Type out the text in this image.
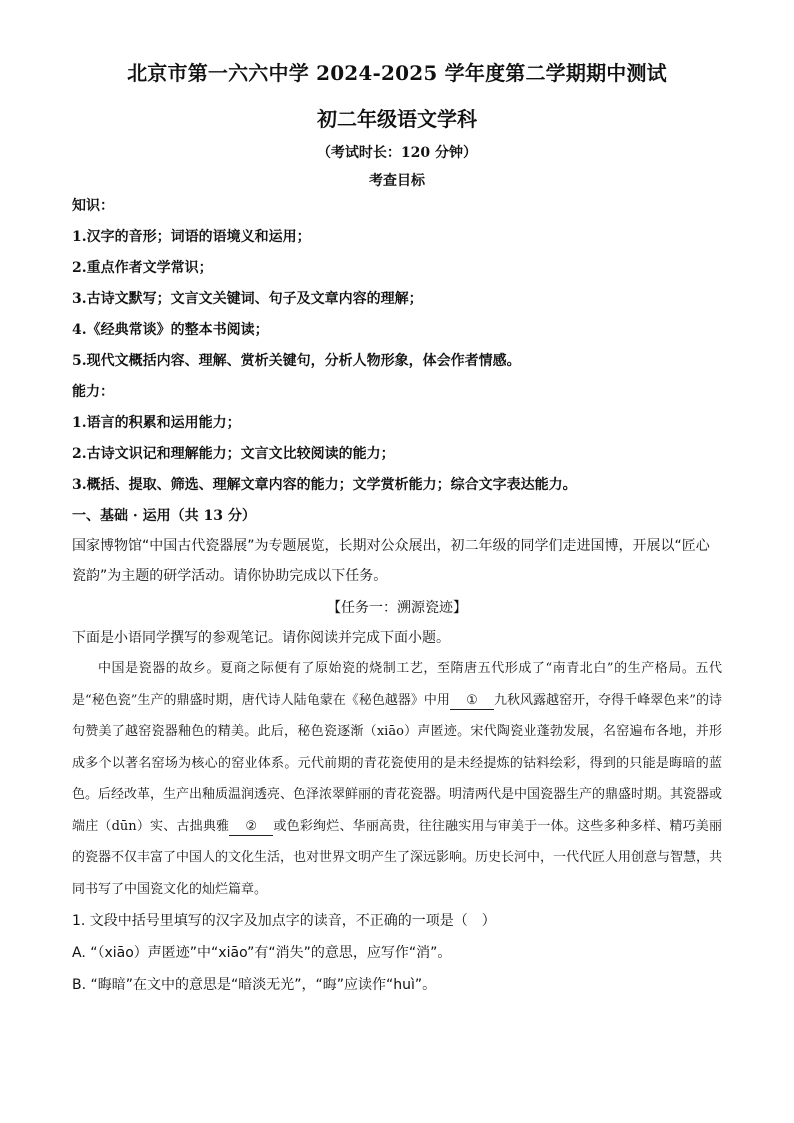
北京市第一六六中学 2024-2025 学年度第二学期期中测试
初二年级语文学科
（考试时长：120 分钟）
考查目标
知识：
1.汉字的音形；词语的语境义和运用；
2.重点作者文学常识；
3.古诗文默写；文言文关键词、句子及文章内容的理解；
4.《经典常谈》的整本书阅读；
5.现代文概括内容、理解、赏析关键句，分析人物形象，体会作者情感。
能力：
1.语言的积累和运用能力；
2.古诗文识记和理解能力；文言文比较阅读的能力；
3.概括、提取、筛选、理解文章内容的能力；文学赏析能力；综合文字表达能力。
一、基础 · 运用（共 13 分）
国家博物馆“中国古代瓷器展”为专题展览，长期对公众展出，初二年级的同学们走进国博，开展以“匠心瓷韵”为主题的研学活动。请你协助完成以下任务。
【任务一：溯源瓷迹】
下面是小语同学撰写的参观笔记。请你阅读并完成下面小题。
中国是瓷器的故乡。夏商之际便有了原始瓷的烧制工艺，至隋唐五代形成了“南青北白”的生产格局。五代是“秘色瓷”生产的鼎盛时期，唐代诗人陆龟蒙在《秘色越器》中用 ① 九秋风露越窑开，夺得千峰翠色来”的诗句赞美了越窑瓷器釉色的精美。此后，秘色瓷逐渐（xiāo）声匿迹。宋代陶瓷业蓬勃发展，名窑遍布各地，并形成多个以著名窑场为核心的窑业体系。元代前期的青花瓷使用的是未经提炼的钴料绘彩，得到的只能是晦暗的蓝色。后经改革，生产出釉质温润透亮、色泽浓翠鲜丽的青花瓷器。明清两代是中国瓷器生产的鼎盛时期。其瓷器或端庄（dūn）实、古拙典雅 ② 或色彩绚烂、华丽高贵，往往融实用与审美于一体。这些多种多样、精巧美丽的瓷器不仅丰富了中国人的文化生活，也对世界文明产生了深远影响。历史长河中，一代代匠人用创意与智慧，共同书写了中国瓷文化的灿烂篇章。
1. 文段中括号里填写的汉字及加点字的读音，不正确的一项是（　）
A. “（xiāo）声匿迹”中“xiāo”有“消失”的意思，应写作“消”。
B. “晦暗”在文中的意思是“暗淡无光”，“晦”应读作“huì”。
